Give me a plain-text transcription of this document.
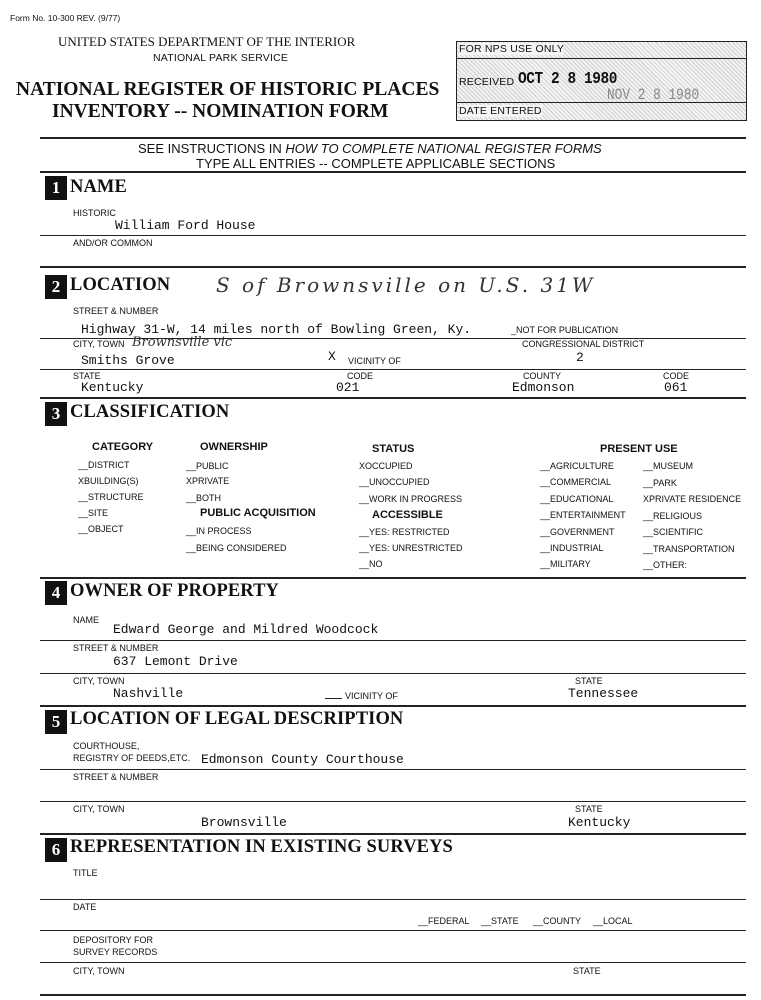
Form No. 10-300 REV. (9/77)
UNITED STATES DEPARTMENT OF THE INTERIOR
NATIONAL PARK SERVICE
NATIONAL REGISTER OF HISTORIC PLACES
INVENTORY -- NOMINATION FORM
FOR NPS USE ONLY
RECEIVED OCT 2 8 1980
DATE ENTERED
NOV 2 8 1980
SEE INSTRUCTIONS IN HOW TO COMPLETE NATIONAL REGISTER FORMS
TYPE ALL ENTRIES -- COMPLETE APPLICABLE SECTIONS
1 NAME
HISTORIC
William Ford House
AND/OR COMMON
2 LOCATION S of Brownsville on U.S. 31W
STREET & NUMBER
Highway 31-W, 14 miles north of Bowling Green, Ky.	_NOT FOR PUBLICATION
CITY, TOWN Brownsville vic	CONGRESSIONAL DISTRICT
Smiths Grove	X VICINITY OF	2
STATE	CODE	COUNTY	CODE
Kentucky	021	Edmonson	061
3 CLASSIFICATION
CATEGORY
__DISTRICT
XBUILDING(S)
__STRUCTURE
__SITE
__OBJECT
OWNERSHIP
__PUBLIC
XPRIVATE
__BOTH
PUBLIC ACQUISITION
__IN PROCESS
__BEING CONSIDERED
STATUS
XOCCUPIED
__UNOCCUPIED
__WORK IN PROGRESS
ACCESSIBLE
__YES: RESTRICTED
__YES: UNRESTRICTED
__NO
PRESENT USE
__AGRICULTURE
__COMMERCIAL
__EDUCATIONAL
__ENTERTAINMENT
__GOVERNMENT
__INDUSTRIAL
__MILITARY
__MUSEUM
__PARK
XPRIVATE RESIDENCE
__RELIGIOUS
__SCIENTIFIC
__TRANSPORTATION
__OTHER:
4 OWNER OF PROPERTY
NAME
Edward George and Mildred Woodcock
STREET & NUMBER
637 Lemont Drive
CITY, TOWN	STATE
Nashville	VICINITY OF	Tennessee
5 LOCATION OF LEGAL DESCRIPTION
COURTHOUSE,
REGISTRY OF DEEDS,ETC. Edmonson County Courthouse
STREET & NUMBER
CITY, TOWN	STATE
Brownsville	Kentucky
6 REPRESENTATION IN EXISTING SURVEYS
TITLE
DATE
__FEDERAL __STATE __COUNTY __LOCAL
DEPOSITORY FOR
SURVEY RECORDS
CITY, TOWN	STATE
